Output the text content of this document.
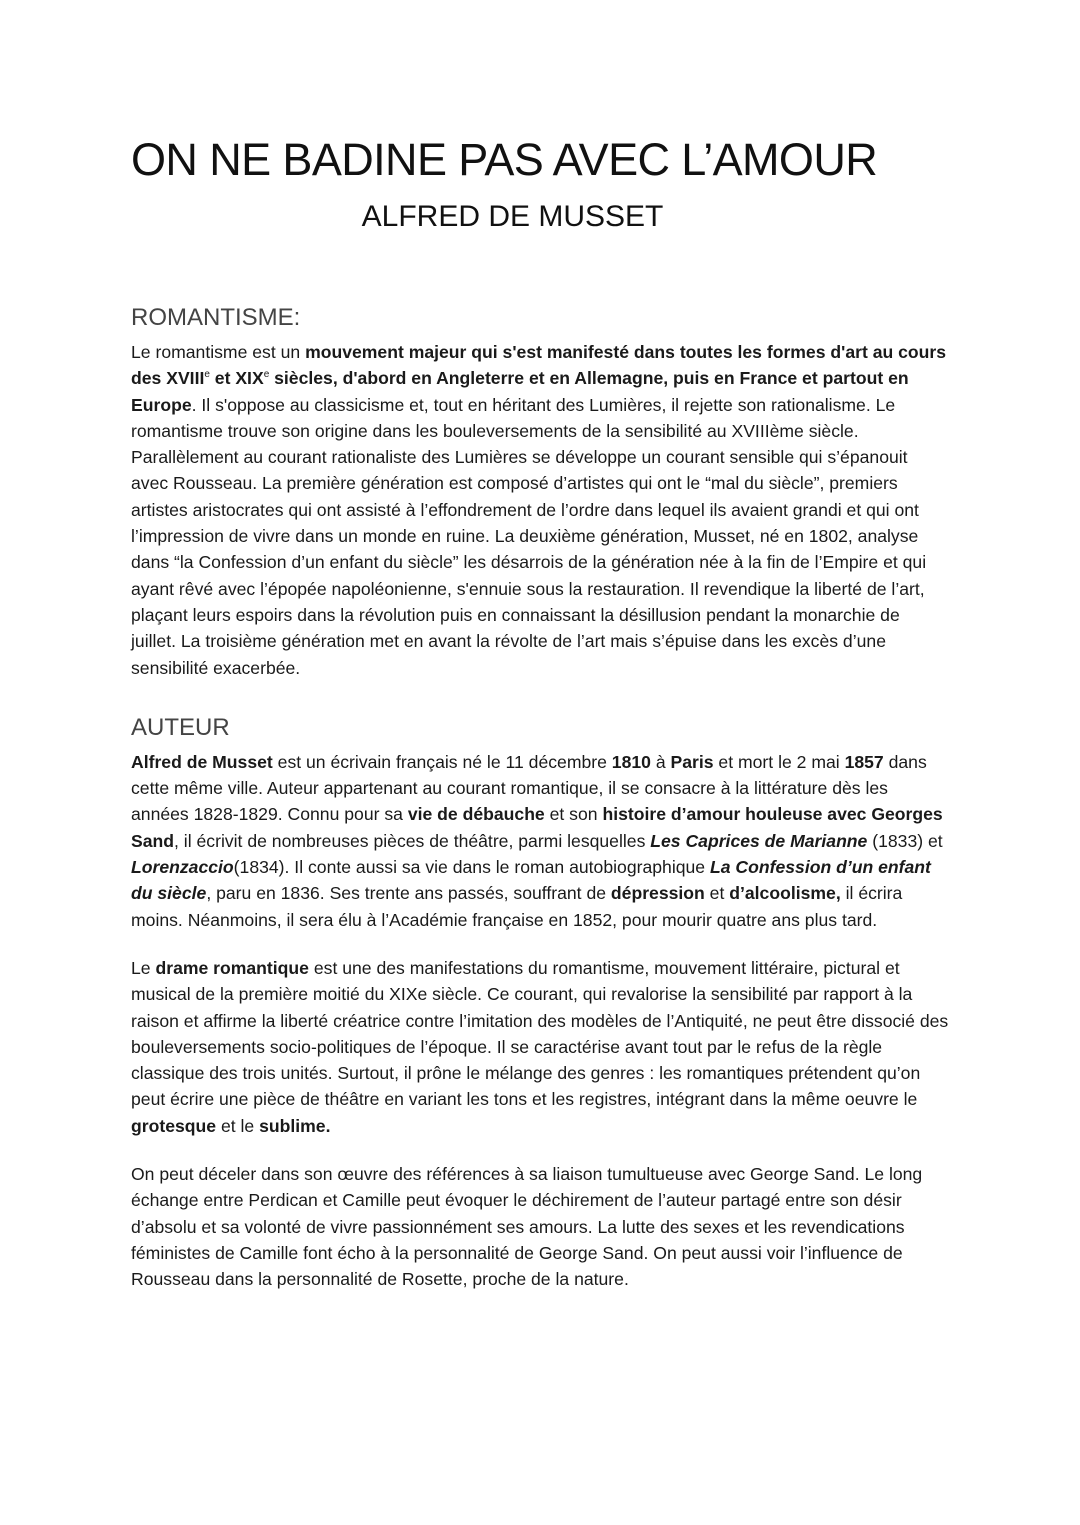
ON NE BADINE PAS AVEC L’AMOUR
ALFRED DE MUSSET
ROMANTISME:

Le romantisme est un mouvement majeur qui s'est manifesté dans toutes les formes d'art au cours des XVIIIe et XIXe siècles, d'abord en Angleterre et en Allemagne, puis en France et partout en Europe. Il s'oppose au classicisme et, tout en héritant des Lumières, il rejette son rationalisme. Le romantisme trouve son origine dans les bouleversements de la sensibilité au XVIIIème siècle. Parallèlement au courant rationaliste des Lumières se développe un courant sensible qui s’épanouit avec Rousseau. La première génération est composé d’artistes qui ont le “mal du siècle”, premiers artistes aristocrates qui ont assisté à l’effondrement de l’ordre dans lequel ils avaient grandi et qui ont l’impression de vivre dans un monde en ruine. La deuxième génération, Musset, né en 1802, analyse dans “la Confession d’un enfant du siècle” les désarrois de la génération née à la fin de l’Empire et qui ayant rêvé avec l’épopée napoléonienne, s'ennuie sous la restauration. Il revendique la liberté de l’art, plaçant leurs espoirs dans la révolution puis en connaissant la désillusion pendant la monarchie de juillet. La troisième génération met en avant la révolte de l’art mais s’épuise dans les excès d’une sensibilité exacerbée.

AUTEUR

Alfred de Musset est un écrivain français né le 11 décembre 1810 à Paris et mort le 2 mai 1857 dans cette même ville. Auteur appartenant au courant romantique, il se consacre à la littérature dès les années 1828-1829. Connu pour sa vie de débauche et son histoire d’amour houleuse avec Georges Sand, il écrivit de nombreuses pièces de théâtre, parmi lesquelles Les Caprices de Marianne (1833) et Lorenzaccio(1834). Il conte aussi sa vie dans le roman autobiographique La Confession d’un enfant du siècle, paru en 1836. Ses trente ans passés, souffrant de dépression et d’alcoolisme, il écrira moins. Néanmoins, il sera élu à l’Académie française en 1852, pour mourir quatre ans plus tard.

Le drame romantique est une des manifestations du romantisme, mouvement littéraire, pictural et musical de la première moitié du XIXe siècle. Ce courant, qui revalorise la sensibilité par rapport à la raison et affirme la liberté créatrice contre l’imitation des modèles de l’Antiquité, ne peut être dissocié des bouleversements socio-politiques de l’époque. Il se caractérise avant tout par le refus de la règle classique des trois unités. Surtout, il prône le mélange des genres : les romantiques prétendent qu’on peut écrire une pièce de théâtre en variant les tons et les registres, intégrant dans la même oeuvre le grotesque et le sublime.

On peut déceler dans son œuvre des références à sa liaison tumultueuse avec George Sand. Le long échange entre Perdican et Camille peut évoquer le déchirement de l’auteur partagé entre son désir d’absolu et sa volonté de vivre passionnément ses amours. La lutte des sexes et les revendications féministes de Camille font écho à la personnalité de George Sand. On peut aussi voir l’influence de Rousseau dans la personnalité de Rosette, proche de la nature.
